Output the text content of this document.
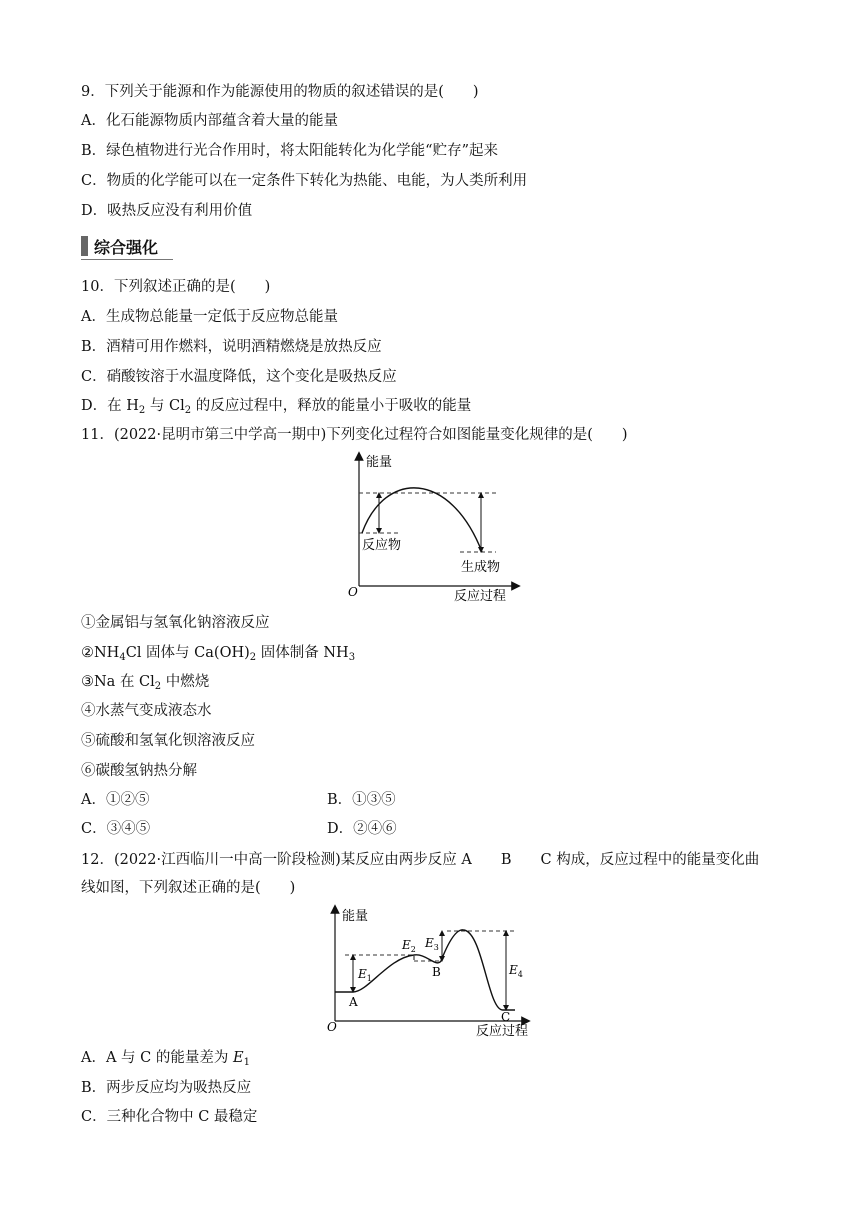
9．下列关于能源和作为能源使用的物质的叙述错误的是(　　)
A．化石能源物质内部蕴含着大量的能量
B．绿色植物进行光合作用时，将太阳能转化为化学能“贮存”起来
C．物质的化学能可以在一定条件下转化为热能、电能，为人类所利用
D．吸热反应没有利用价值
综合强化
10．下列叙述正确的是(　　)
A．生成物总能量一定低于反应物总能量
B．酒精可用作燃料，说明酒精燃烧是放热反应
C．硝酸铵溶于水温度降低，这个变化是吸热反应
D．在 $H_2$ 与 $Cl_2$ 的反应过程中，释放的能量小于吸收的能量
11．(2022·昆明市第三中学高一期中)下列变化过程符合如图能量变化规律的是(　　)
能量
O	反应过程
反应物
生成物
①金属铝与氢氧化钠溶液反应
$②NH_4Cl$ 固体与 $Ca(OH)_2$ 固体制备 $NH_3$
③Na 在 $Cl_2$ 中燃烧
④水蒸气变成液态水
⑤硫酸和氢氧化钡溶液反应
⑥碳酸氢钠热分解
A．①②⑤	B．①③⑤
C．③④⑤	D．②④⑥
12．(2022·江西临川一中高一阶段检测)某反应由两步反应 A　　B　　C 构成，反应过程中的能量变化曲
线如图，下列叙述正确的是(　　)
能量
O	反应过程
$E_1$
$E_2$ $E_3$
$E_4$
A
B
C
A．A 与 C 的能量差为 $E_1$
B．两步反应均为吸热反应
C．三种化合物中 C 最稳定
